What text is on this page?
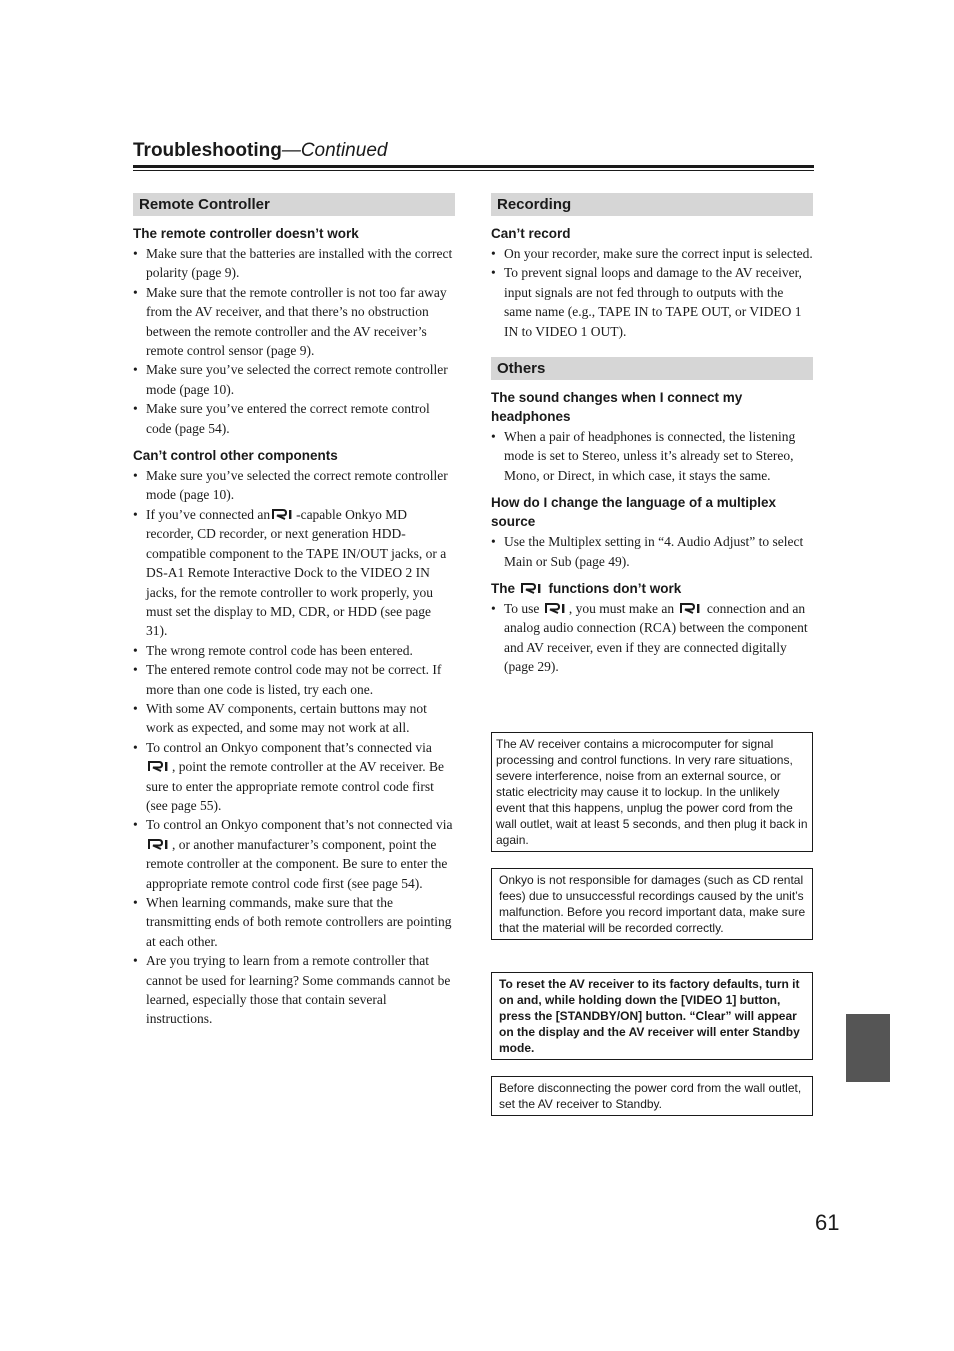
Troubleshooting—Continued
Remote Controller
The remote controller doesn’t work
• Make sure that the batteries are installed with the correct polarity (page 9).
• Make sure that the remote controller is not too far away from the AV receiver, and that there’s no obstruction between the remote controller and the AV receiver’s remote control sensor (page 9).
• Make sure you’ve selected the correct remote controller mode (page 10).
• Make sure you’ve entered the correct remote control code (page 54).
Can’t control other components
• Make sure you’ve selected the correct remote controller mode (page 10).
• If you’ve connected an -capable Onkyo MD recorder, CD recorder, or next generation HDD-compatible component to the TAPE IN/OUT jacks, or a DS-A1 Remote Interactive Dock to the VIDEO 2 IN jacks, for the remote controller to work properly, you must set the display to MD, CDR, or HDD (see page 31).
• The wrong remote control code has been entered.
• The entered remote control code may not be correct. If more than one code is listed, try each one.
• With some AV components, certain buttons may not work as expected, and some may not work at all.
• To control an Onkyo component that’s connected via , point the remote controller at the AV receiver. Be sure to enter the appropriate remote control code first (see page 55).
• To control an Onkyo component that’s not connected via , or another manufacturer’s component, point the remote controller at the component. Be sure to enter the appropriate remote control code first (see page 54).
• When learning commands, make sure that the transmitting ends of both remote controllers are pointing at each other.
• Are you trying to learn from a remote controller that cannot be used for learning? Some commands cannot be learned, especially those that contain several instructions.
Recording
Can’t record
• On your recorder, make sure the correct input is selected.
• To prevent signal loops and damage to the AV receiver, input signals are not fed through to outputs with the same name (e.g., TAPE IN to TAPE OUT, or VIDEO 1 IN to VIDEO 1 OUT).
Others
The sound changes when I connect my headphones
• When a pair of headphones is connected, the listening mode is set to Stereo, unless it’s already set to Stereo, Mono, or Direct, in which case, it stays the same.
How do I change the language of a multiplex source
• Use the Multiplex setting in “4. Audio Adjust” to select Main or Sub (page 49).
The functions don’t work
• To use , you must make an connection and an analog audio connection (RCA) between the component and AV receiver, even if they are connected digitally (page 29).
The AV receiver contains a microcomputer for signal processing and control functions. In very rare situations, severe interference, noise from an external source, or static electricity may cause it to lockup. In the unlikely event that this happens, unplug the power cord from the wall outlet, wait at least 5 seconds, and then plug it back in again.
Onkyo is not responsible for damages (such as CD rental fees) due to unsuccessful recordings caused by the unit’s malfunction. Before you record important data, make sure that the material will be recorded correctly.
To reset the AV receiver to its factory defaults, turn it on and, while holding down the [VIDEO 1] button, press the [STANDBY/ON] button. “Clear” will appear on the display and the AV receiver will enter Standby mode.
Before disconnecting the power cord from the wall outlet, set the AV receiver to Standby.
61
